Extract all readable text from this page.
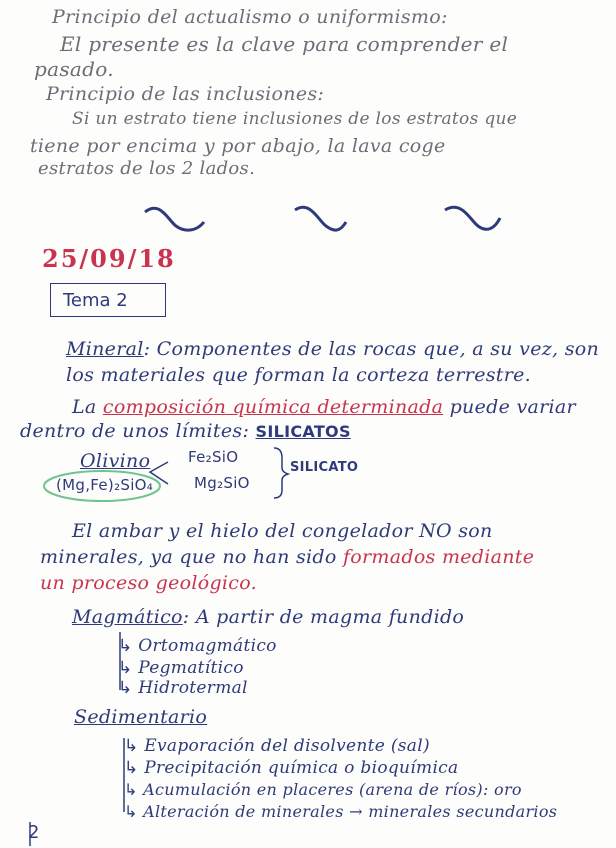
Principio del actualismo o uniformismo:
El presente es la clave para comprender el
pasado.
Principio de las inclusiones:
Si un estrato tiene inclusiones de los estratos que
tiene por encima y por abajo, la lava coge
estratos de los 2 lados.
25/09/18
Tema 2
Mineral: Componentes de las rocas que, a su vez, son
los materiales que forman la corteza terrestre.
La composición química determinada puede variar
dentro de unos límites: SILICATOS
Olivino
(Mg,Fe)₂SiO₄
Fe₂SiO
Mg₂SiO
SILICATO
El ambar y el hielo del congelador NO son
minerales, ya que no han sido formados mediante
un proceso geológico.
Magmático: A partir de magma fundido
↳ Ortomagmático
↳ Pegmatítico
↳ Hidrotermal
Sedimentario
↳ Evaporación del disolvente (sal)
↳ Precipitación química o bioquímica
↳ Acumulación en placeres (arena de ríos): oro
↳ Alteración de minerales → minerales secundarios
2
